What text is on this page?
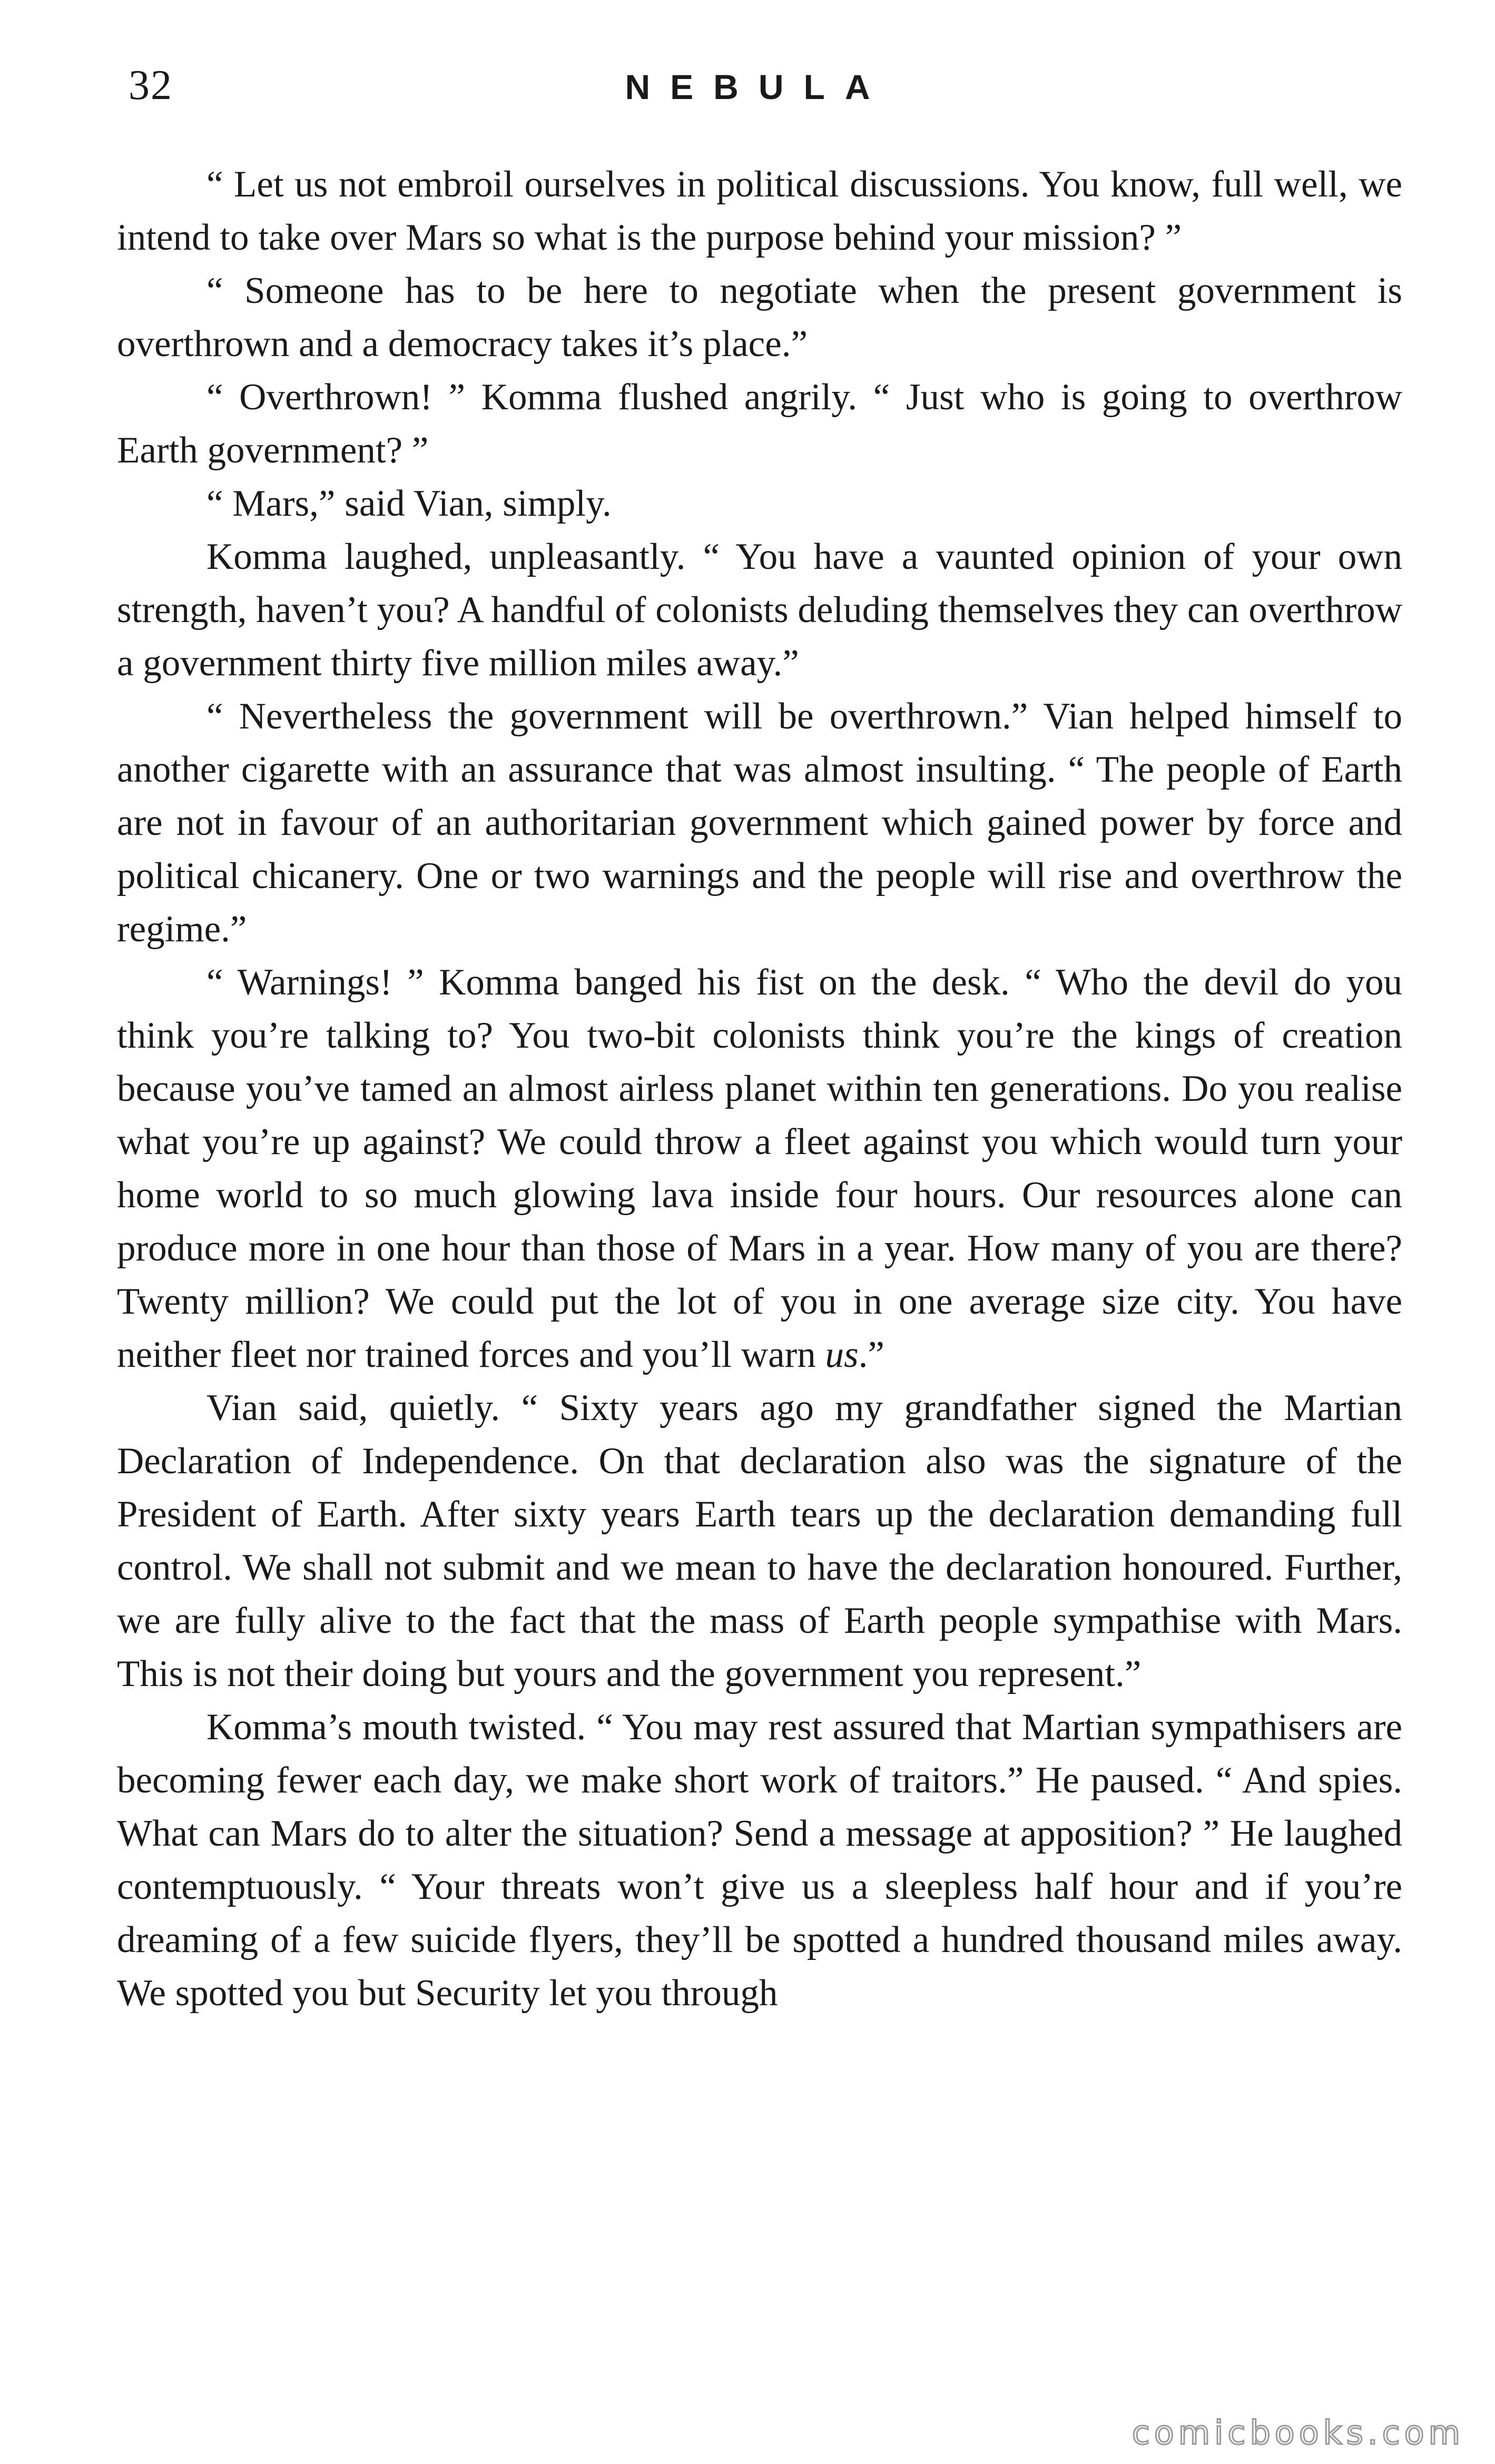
32	NEBULA

“ Let us not embroil ourselves in political discussions. You know, full well, we intend to take over Mars so what is the purpose behind your mission? ”

“ Someone has to be here to negotiate when the present government is overthrown and a democracy takes it’s place.”

“ Overthrown! ” Komma flushed angrily. “ Just who is going to overthrow Earth government? ”

“ Mars,” said Vian, simply.

Komma laughed, unpleasantly. “ You have a vaunted opinion of your own strength, haven’t you? A handful of colonists deluding themselves they can overthrow a government thirty five million miles away.”

“ Nevertheless the government will be overthrown.” Vian helped himself to another cigarette with an assurance that was almost insulting. “ The people of Earth are not in favour of an authoritarian government which gained power by force and political chicanery. One or two warnings and the people will rise and overthrow the regime.”

“ Warnings! ” Komma banged his fist on the desk. “ Who the devil do you think you’re talking to? You two-bit colonists think you’re the kings of creation because you’ve tamed an almost airless planet within ten generations. Do you realise what you’re up against? We could throw a fleet against you which would turn your home world to so much glowing lava inside four hours. Our resources alone can produce more in one hour than those of Mars in a year. How many of you are there? Twenty million? We could put the lot of you in one average size city. You have neither fleet nor trained forces and you’ll warn us.”

Vian said, quietly. “ Sixty years ago my grandfather signed the Martian Declaration of Independence. On that declaration also was the signature of the President of Earth. After sixty years Earth tears up the declaration demanding full control. We shall not submit and we mean to have the declaration honoured. Further, we are fully alive to the fact that the mass of Earth people sympathise with Mars. This is not their doing but yours and the government you represent.”

Komma’s mouth twisted. “ You may rest assured that Martian sympathisers are becoming fewer each day, we make short work of traitors.” He paused. “ And spies. What can Mars do to alter the situation? Send a message at apposition? ” He laughed contemptuously. “ Your threats won’t give us a sleepless half hour and if you’re dreaming of a few suicide flyers, they’ll be spotted a hundred thousand miles away. We spotted you but Security let you through

comicbooks.com
